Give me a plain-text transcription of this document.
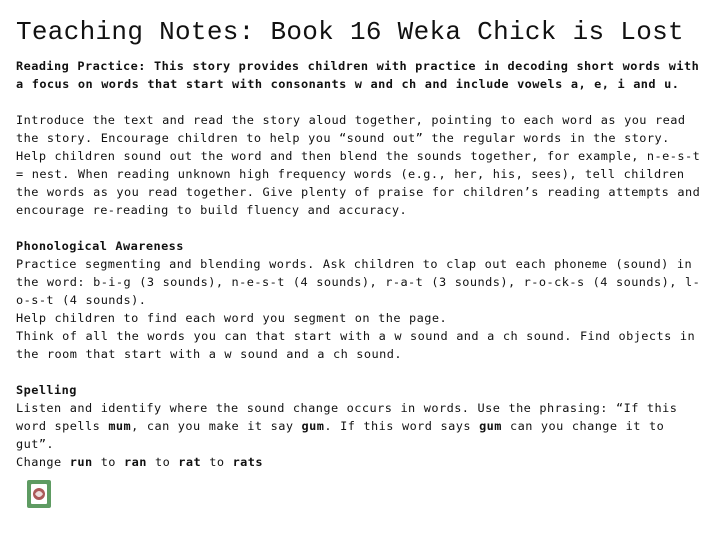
Teaching Notes: Book 16 Weka Chick is Lost

Reading Practice: This story provides children with practice in decoding short words with a focus on words that start with consonants w and ch and include vowels a, e, i and u.

Introduce the text and read the story aloud together, pointing to each word as you read the story. Encourage children to help you “sound out” the regular words in the story. Help children sound out the word and then blend the sounds together, for example, n-e-s-t = nest. When reading unknown high frequency words (e.g., her, his, sees), tell children the words as you read together. Give plenty of praise for children’s reading attempts and encourage re-reading to build fluency and accuracy.

Phonological Awareness
Practice segmenting and blending words. Ask children to clap out each phoneme (sound) in the word: b-i-g (3 sounds), n-e-s-t (4 sounds), r-a-t (3 sounds), r-o-ck-s (4 sounds), l-o-s-t (4 sounds).
Help children to find each word you segment on the page.
Think of all the words you can that start with a w sound and a ch sound. Find objects in the room that start with a w sound and a ch sound.

Spelling
Listen and identify where the sound change occurs in words. Use the phrasing: “If this word spells mum, can you make it say gum. If this word says gum can you change it to gut”.
Change run to ran to rat to rats
